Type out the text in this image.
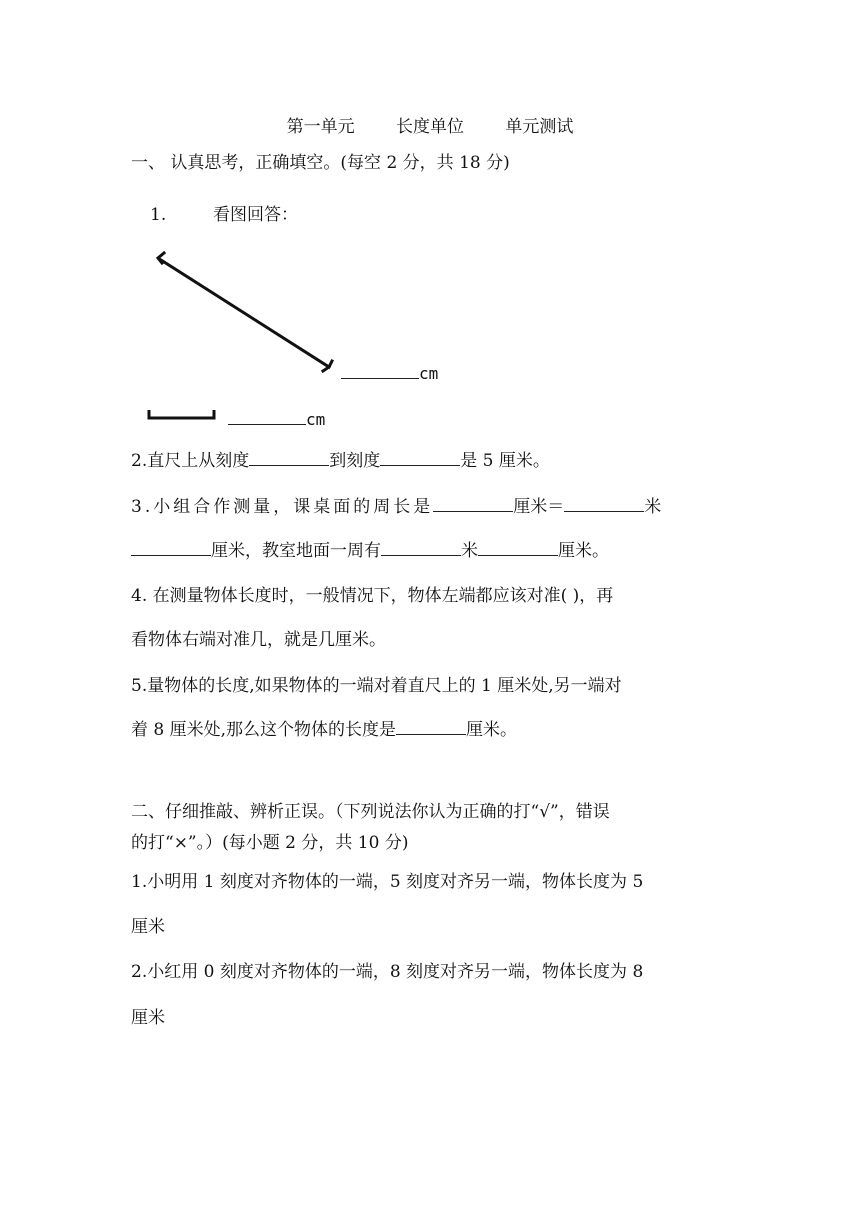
第一单元 长度单位 单元测试
一、 认真思考，正确填空。(每空 2 分，共 18 分)
1.	看图回答：
cm
cm
2.直尺上从刻度	到刻度	是 5 厘米。
3.小组合作测量，课桌面的周长是	厘米＝	米
厘米，教室地面一周有	米	厘米。
4. 在测量物体长度时，一般情况下，物体左端都应该对准( )，再
看物体右端对准几，就是几厘米。
5.量物体的长度,如果物体的一端对着直尺上的 1 厘米处,另一端对
着 8 厘米处,那么这个物体的长度是	厘米。
二、仔细推敲、辨析正误。（下列说法你认为正确的打“√”，错误
的打“×”。）(每小题 2 分，共 10 分)
1.小明用 1 刻度对齐物体的一端，5 刻度对齐另一端，物体长度为 5
厘米
2.小红用 0 刻度对齐物体的一端，8 刻度对齐另一端，物体长度为 8
厘米
